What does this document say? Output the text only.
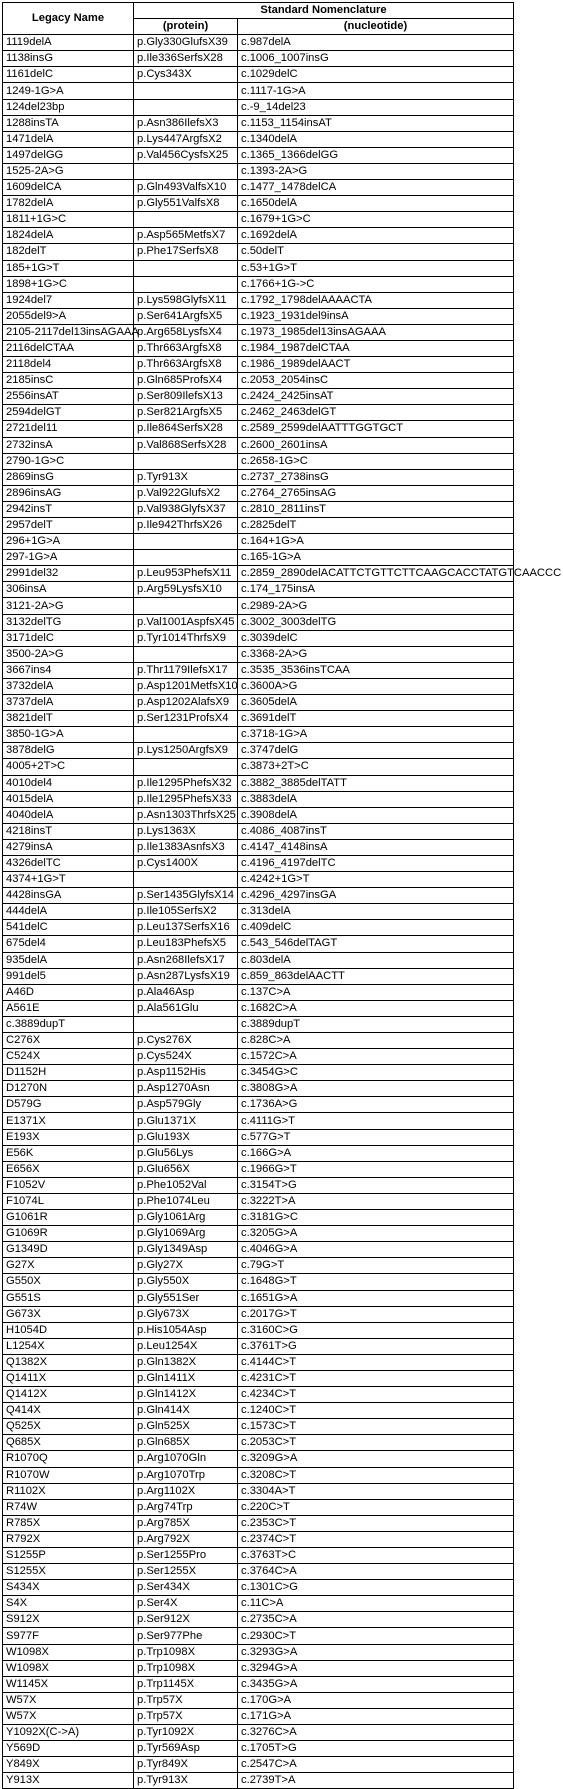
Legacy Name	Standard Nomenclature	
	(protein)	(nucleotide)
1119delA	p.Gly330GlufsX39	c.987delA
1138insG	p.Ile336SerfsX28	c.1006_1007insG
1161delC	p.Cys343X	c.1029delC
1249-1G>A		c.1117-1G>A
124del23bp		c.-9_14del23
1288insTA	p.Asn386IlefsX3	c.1153_1154insAT
1471delA	p.Lys447ArgfsX2	c.1340delA
1497delGG	p.Val456CysfsX25	c.1365_1366delGG
1525-2A>G		c.1393-2A>G
1609delCA	p.Gln493ValfsX10	c.1477_1478delCA
1782delA	p.Gly551ValfsX8	c.1650delA
1811+1G>C		c.1679+1G>C
1824delA	p.Asp565MetfsX7	c.1692delA
182delT	p.Phe17SerfsX8	c.50delT
185+1G>T		c.53+1G>T
1898+1G>C		c.1766+1G->C
1924del7	p.Lys598GlyfsX11	c.1792_1798delAAAACTA
2055del9>A	p.Ser641ArgfsX5	c.1923_1931del9insA
2105-2117del13insAGAAA	p.Arg658LysfsX4	c.1973_1985del13insAGAAA
2116delCTAA	p.Thr663ArgfsX8	c.1984_1987delCTAA
2118del4	p.Thr663ArgfsX8	c.1986_1989delAACT
2185insC	p.Gln685ProfsX4	c.2053_2054insC
2556insAT	p.Ser809IlefsX13	c.2424_2425insAT
2594delGT	p.Ser821ArgfsX5	c.2462_2463delGT
2721del11	p.Ile864SerfsX28	c.2589_2599delAATTTGGTGCT
2732insA	p.Val868SerfsX28	c.2600_2601insA
2790-1G>C		c.2658-1G>C
2869insG	p.Tyr913X	c.2737_2738insG
2896insAG	p.Val922GlufsX2	c.2764_2765insAG
2942insT	p.Val938GlyfsX37	c.2810_2811insT
2957delT	p.Ile942ThrfsX26	c.2825delT
296+1G>A		c.164+1G>A
297-1G>A		c.165-1G>A
2991del32	p.Leu953PhefsX11	c.2859_2890delACATTCTGTTCTTCAAGCACCTATGTCAACCC
306insA	p.Arg59LysfsX10	c.174_175insA
3121-2A>G		c.2989-2A>G
3132delTG	p.Val1001AspfsX45	c.3002_3003delTG
3171delC	p.Tyr1014ThrfsX9	c.3039delC
3500-2A>G		c.3368-2A>G
3667ins4	p.Thr1179IlefsX17	c.3535_3536insTCAA
3732delA	p.Asp1201MetfsX10	c.3600A>G
3737delA	p.Asp1202AlafsX9	c.3605delA
3821delT	p.Ser1231ProfsX4	c.3691delT
3850-1G>A		c.3718-1G>A
3878delG	p.Lys1250ArgfsX9	c.3747delG
4005+2T>C		c.3873+2T>C
4010del4	p.Ile1295PhefsX32	c.3882_3885delTATT
4015delA	p.Ile1295PhefsX33	c.3883delA
4040delA	p.Asn1303ThrfsX25	c.3908delA
4218insT	p.Lys1363X	c.4086_4087insT
4279insA	p.Ile1383AsnfsX3	c.4147_4148insA
4326delTC	p.Cys1400X	c.4196_4197delTC
4374+1G>T		c.4242+1G>T
4428insGA	p.Ser1435GlyfsX14	c.4296_4297insGA
444delA	p.Ile105SerfsX2	c.313delA
541delC	p.Leu137SerfsX16	c.409delC
675del4	p.Leu183PhefsX5	c.543_546delTAGT
935delA	p.Asn268IlefsX17	c.803delA
991del5	p.Asn287LysfsX19	c.859_863delAACTT
A46D	p.Ala46Asp	c.137C>A
A561E	p.Ala561Glu	c.1682C>A
c.3889dupT		c.3889dupT
C276X	p.Cys276X	c.828C>A
C524X	p.Cys524X	c.1572C>A
D1152H	p.Asp1152His	c.3454G>C
D1270N	p.Asp1270Asn	c.3808G>A
D579G	p.Asp579Gly	c.1736A>G
E1371X	p.Glu1371X	c.4111G>T
E193X	p.Glu193X	c.577G>T
E56K	p.Glu56Lys	c.166G>A
E656X	p.Glu656X	c.1966G>T
F1052V	p.Phe1052Val	c.3154T>G
F1074L	p.Phe1074Leu	c.3222T>A
G1061R	p.Gly1061Arg	c.3181G>C
G1069R	p.Gly1069Arg	c.3205G>A
G1349D	p.Gly1349Asp	c.4046G>A
G27X	p.Gly27X	c.79G>T
G550X	p.Gly550X	c.1648G>T
G551S	p.Gly551Ser	c.1651G>A
G673X	p.Gly673X	c.2017G>T
H1054D	p.His1054Asp	c.3160C>G
L1254X	p.Leu1254X	c.3761T>G
Q1382X	p.Gln1382X	c.4144C>T
Q1411X	p.Gln1411X	c.4231C>T
Q1412X	p.Gln1412X	c.4234C>T
Q414X	p.Gln414X	c.1240C>T
Q525X	p.Gln525X	c.1573C>T
Q685X	p.Gln685X	c.2053C>T
R1070Q	p.Arg1070Gln	c.3209G>A
R1070W	p.Arg1070Trp	c.3208C>T
R1102X	p.Arg1102X	c.3304A>T
R74W	p.Arg74Trp	c.220C>T
R785X	p.Arg785X	c.2353C>T
R792X	p.Arg792X	c.2374C>T
S1255P	p.Ser1255Pro	c.3763T>C
S1255X	p.Ser1255X	c.3764C>A
S434X	p.Ser434X	c.1301C>G
S4X	p.Ser4X	c.11C>A
S912X	p.Ser912X	c.2735C>A
S977F	p.Ser977Phe	c.2930C>T
W1098X	p.Trp1098X	c.3293G>A
W1098X	p.Trp1098X	c.3294G>A
W1145X	p.Trp1145X	c.3435G>A
W57X	p.Trp57X	c.170G>A
W57X	p.Trp57X	c.171G>A
Y1092X(C->A)	p.Tyr1092X	c.3276C>A
Y569D	p.Tyr569Asp	c.1705T>G
Y849X	p.Tyr849X	c.2547C>A
Y913X	p.Tyr913X	c.2739T>A
